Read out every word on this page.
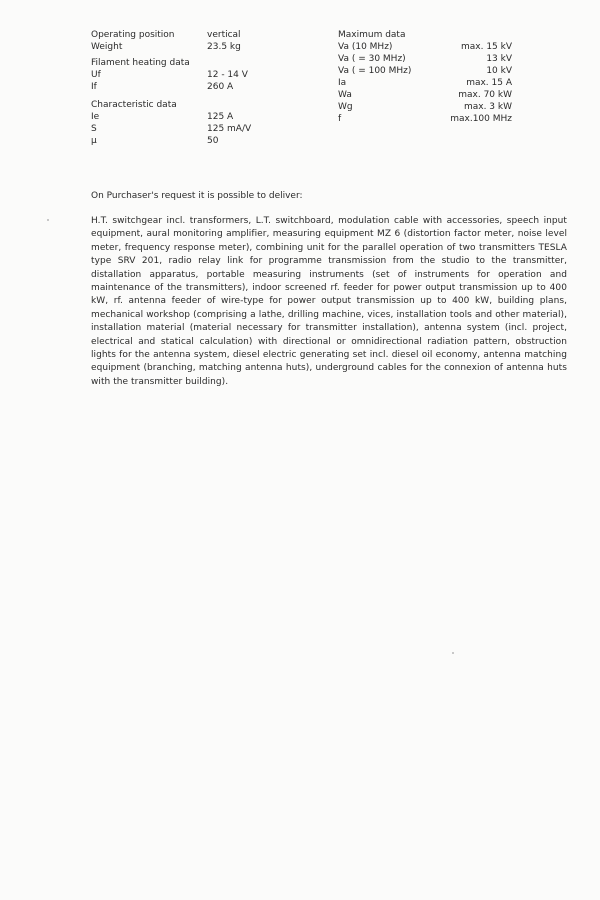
Operating position	vertical
Weight	23.5 kg
Filament heating data
Uf	12 - 14 V
If	260 A
Characteristic data
Ie	125 A
S	125 mA/V
μ	50
Maximum data
Va (10 MHz)	max. 15 kV
Va ( = 30 MHz)	13 kV
Va ( = 100 MHz)	10 kV
Ia	max. 15 A
Wa	max. 70 kW
Wg	max. 3 kW
f	max.100 MHz
On Purchaser's request it is possible to deliver:
H.T. switchgear incl. transformers, L.T. switchboard, modulation cable with accessories, speech input equipment, aural monitoring amplifier, measuring equipment MZ 6 (distortion factor meter, noise level meter, frequency response meter), combining unit for the parallel operation of two transmitters TESLA type SRV 201, radio relay link for programme transmission from the studio to the transmitter, distallation apparatus, portable measuring instruments (set of instruments for operation and maintenance of the transmitters), indoor screened rf. feeder for power output transmission up to 400 kW, rf. antenna feeder of wire-type for power output transmission up to 400 kW, building plans, mechanical workshop (comprising a lathe, drilling machine, vices, installation tools and other material), installation material (material necessary for transmitter installation), antenna system (incl. project, electrical and statical calculation) with directional or omnidirectional radiation pattern, obstruction lights for the antenna system, diesel electric generating set incl. diesel oil economy, antenna matching equipment (branching, matching antenna huts), underground cables for the connexion of antenna huts with the transmitter building).
